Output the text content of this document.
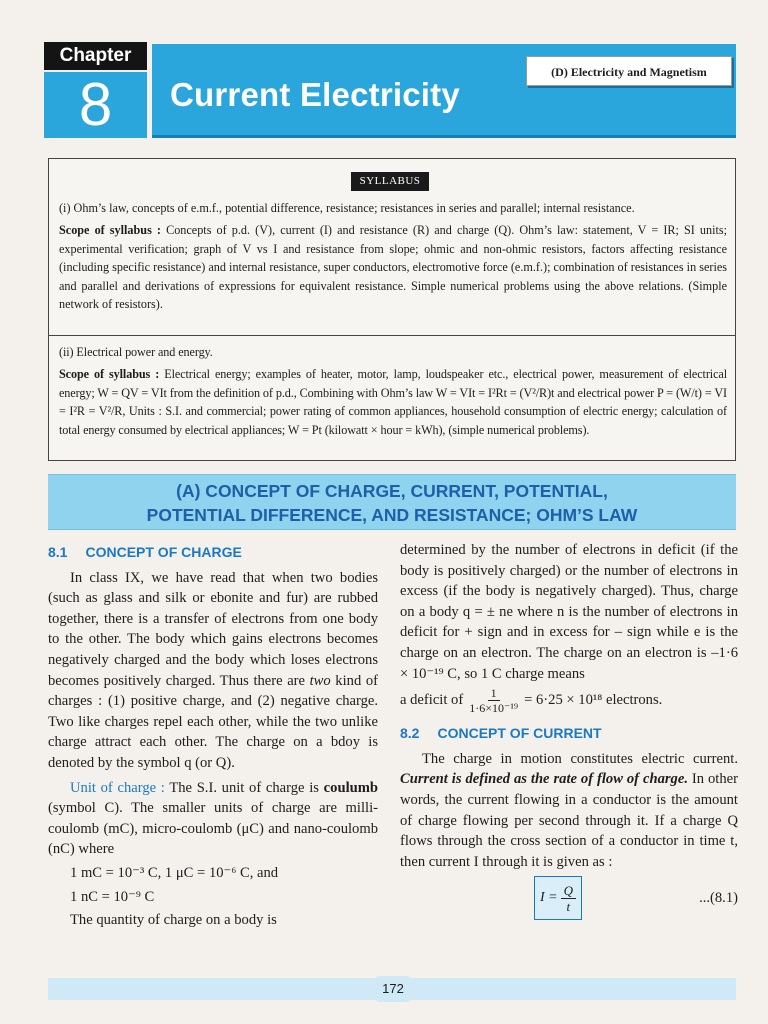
Chapter
8	Current Electricity
(D) Electricity and Magnetism
SYLLABUS

(i) Ohm’s law, concepts of e.m.f., potential difference, resistance; resistances in series and parallel; internal resistance.

Scope of syllabus : Concepts of p.d. (V), current (I) and resistance (R) and charge (Q). Ohm’s law: statement, V = IR; SI units; experimental verification; graph of V vs I and resistance from slope; ohmic and non-ohmic resistors, factors affecting resistance (including specific resistance) and internal resistance, super conductors, electromotive force (e.m.f.); combination of resistances in series and parallel and derivations of expressions for equivalent resistance. Simple numerical problems using the above relations. (Simple network of resistors).

(ii) Electrical power and energy.

Scope of syllabus : Electrical energy; examples of heater, motor, lamp, loudspeaker etc., electrical power, measurement of electrical energy; W = QV = VIt from the definition of p.d., Combining with Ohm’s law W = VIt = I²Rt = (V²/R)t and electrical power P = (W/t) = VI = I²R = V²/R, Units : S.I. and commercial; power rating of common appliances, household consumption of electric energy; calculation of total energy consumed by electrical appliances; W = Pt (kilowatt × hour = kWh), (simple numerical problems).

(A) CONCEPT OF CHARGE, CURRENT, POTENTIAL,
POTENTIAL DIFFERENCE, AND RESISTANCE; OHM’S LAW
8.1 CONCEPT OF CHARGE

In class IX, we have read that when two bodies (such as glass and silk or ebonite and fur) are rubbed together, there is a transfer of electrons from one body to the other. The body which gains electrons becomes negatively charged and the body which loses electrons becomes positively charged. Thus there are two kind of charges : (1) positive charge, and (2) negative charge. Two like charges repel each other, while the two unlike charge attract each other. The charge on a bdoy is denoted by the symbol q (or Q).

Unit of charge : The S.I. unit of charge is coulumb (symbol C). The smaller units of charge are milli-coulomb (mC), micro-coulomb (μC) and nano-coulomb (nC) where

1 mC = 10⁻³ C, 1 μC = 10⁻⁶ C, and

1 nC = 10⁻⁹ C

The quantity of charge on a body is

determined by the number of electrons in deficit (if the body is positively charged) or the number of electrons in excess (if the body is negatively charged). Thus, charge on a body q = ± ne where n is the number of electrons in deficit for + sign and in excess for – sign while e is the charge on an electron. The charge on an electron is –1·6 × 10⁻¹⁹ C, so 1 C charge means

a deficit of $\frac{1}{\text{1·6×10⁻¹⁹}} = 6\cdot 25 \times 10^{18}$ electrons.
8.2 CONCEPT OF CURRENT

The charge in motion constitutes electric current. Current is defined as the rate of flow of charge. In other words, the current flowing in a conductor is the amount of charge flowing per second through it. If a charge Q flows through the cross section of a conductor in time t, then current I through it is given as :

$I = \frac{Q}{t}$	...(8.1)
172
